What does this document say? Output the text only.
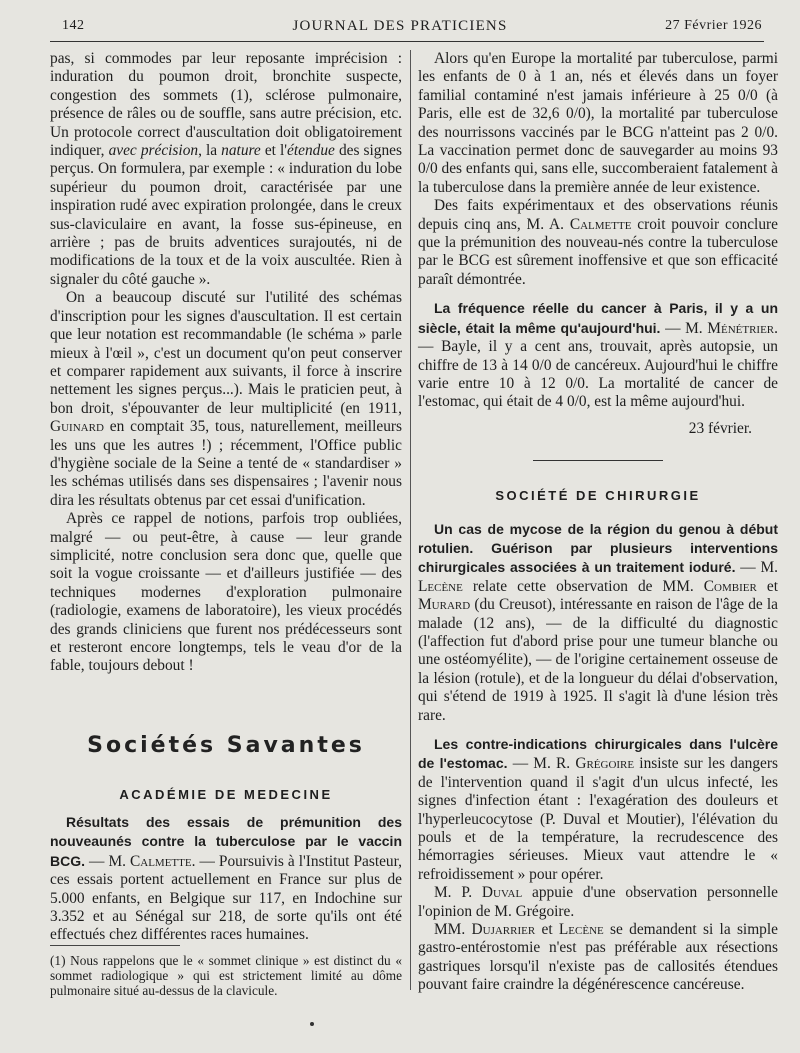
142	JOURNAL DES PRATICIENS	27 Février 1926

pas, si commodes par leur reposante imprécision : induration du poumon droit, bronchite suspecte, congestion des sommets (1), sclérose pulmonaire, présence de râles ou de souffle, sans autre précision, etc. Un protocole correct d'auscultation doit obligatoirement indiquer, avec précision, la nature et l'étendue des signes perçus. On formulera, par exemple : « induration du lobe supérieur du poumon droit, caractérisée par une inspiration rudé avec expiration prolongée, dans le creux sus-claviculaire en avant, la fosse sus-épineuse, en arrière ; pas de bruits adventices surajoutés, ni de modifications de la toux et de la voix auscultée. Rien à signaler du côté gauche ».

On a beaucoup discuté sur l'utilité des schémas d'inscription pour les signes d'auscultation. Il est certain que leur notation est recommandable (le schéma » parle mieux à l'œil », c'est un document qu'on peut conserver et comparer rapidement aux suivants, il force à inscrire nettement les signes perçus...). Mais le praticien peut, à bon droit, s'épouvanter de leur multiplicité (en 1911, Guinard en comptait 35, tous, naturellement, meilleurs les uns que les autres !) ; récemment, l'Office public d'hygiène sociale de la Seine a tenté de « standardiser » les schémas utilisés dans ses dispensaires ; l'avenir nous dira les résultats obtenus par cet essai d'unification.

Après ce rappel de notions, parfois trop oubliées, malgré — ou peut-être, à cause — leur grande simplicité, notre conclusion sera donc que, quelle que soit la vogue croissante — et d'ailleurs justifiée — des techniques modernes d'exploration pulmonaire (radiologie, examens de laboratoire), les vieux procédés des grands cliniciens que furent nos prédécesseurs sont et resteront encore longtemps, tels le veau d'or de la fable, toujours debout !

Sociétés Savantes

ACADÉMIE DE MEDECINE

Résultats des essais de prémunition des nouveaunés contre la tuberculose par le vaccin BCG. — M. Calmette. — Poursuivis à l'Institut Pasteur, ces essais portent actuellement en France sur plus de 5.000 enfants, en Belgique sur 117, en Indochine sur 3.352 et au Sénégal sur 218, de sorte qu'ils ont été effectués chez différentes races humaines.

(1) Nous rappelons que le « sommet clinique » est distinct du « sommet radiologique » qui est strictement limité au dôme pulmonaire situé au-dessus de la clavicule.

Alors qu'en Europe la mortalité par tuberculose, parmi les enfants de 0 à 1 an, nés et élevés dans un foyer familial contaminé n'est jamais inférieure à 25 0/0 (à Paris, elle est de 32,6 0/0), la mortalité par tuberculose des nourrissons vaccinés par le BCG n'atteint pas 2 0/0. La vaccination permet donc de sauvegarder au moins 93 0/0 des enfants qui, sans elle, succomberaient fatalement à la tuberculose dans la première année de leur existence.

Des faits expérimentaux et des observations réunis depuis cinq ans, M. A. Calmette croit pouvoir conclure que la prémunition des nouveau-nés contre la tuberculose par le BCG est sûrement inoffensive et que son efficacité paraît démontrée.

La fréquence réelle du cancer à Paris, il y a un siècle, était la même qu'aujourd'hui. — M. Ménétrier. — Bayle, il y a cent ans, trouvait, après autopsie, un chiffre de 13 à 14 0/0 de cancéreux. Aujourd'hui le chiffre varie entre 10 à 12 0/0. La mortalité de cancer de l'estomac, qui était de 4 0/0, est la même aujourd'hui.

23 février.

SOCIÉTÉ DE CHIRURGIE

Un cas de mycose de la région du genou à début rotulien. Guérison par plusieurs interventions chirurgicales associées à un traitement ioduré. — M. Lecène relate cette observation de MM. Combier et Murard (du Creusot), intéressante en raison de l'âge de la malade (12 ans), — de la difficulté du diagnostic (l'affection fut d'abord prise pour une tumeur blanche ou une ostéomyélite), — de l'origine certainement osseuse de la lésion (rotule), et de la longueur du délai d'observation, qui s'étend de 1919 à 1925. Il s'agit là d'une lésion très rare.

Les contre-indications chirurgicales dans l'ulcère de l'estomac. — M. R. Grégoire insiste sur les dangers de l'intervention quand il s'agit d'un ulcus infecté, les signes d'infection étant : l'exagération des douleurs et l'hyperleucocytose (P. Duval et Moutier), l'élévation du pouls et de la température, la recrudescence des hémorragies sérieuses. Mieux vaut attendre le « refroidissement » pour opérer.

M. P. Duval appuie d'une observation personnelle l'opinion de M. Grégoire.

MM. Dujarrier et Lecène se demandent si la simple gastro-entérostomie n'est pas préférable aux résections gastriques lorsqu'il n'existe pas de callosités étendues pouvant faire craindre la dégénérescence cancéreuse.
